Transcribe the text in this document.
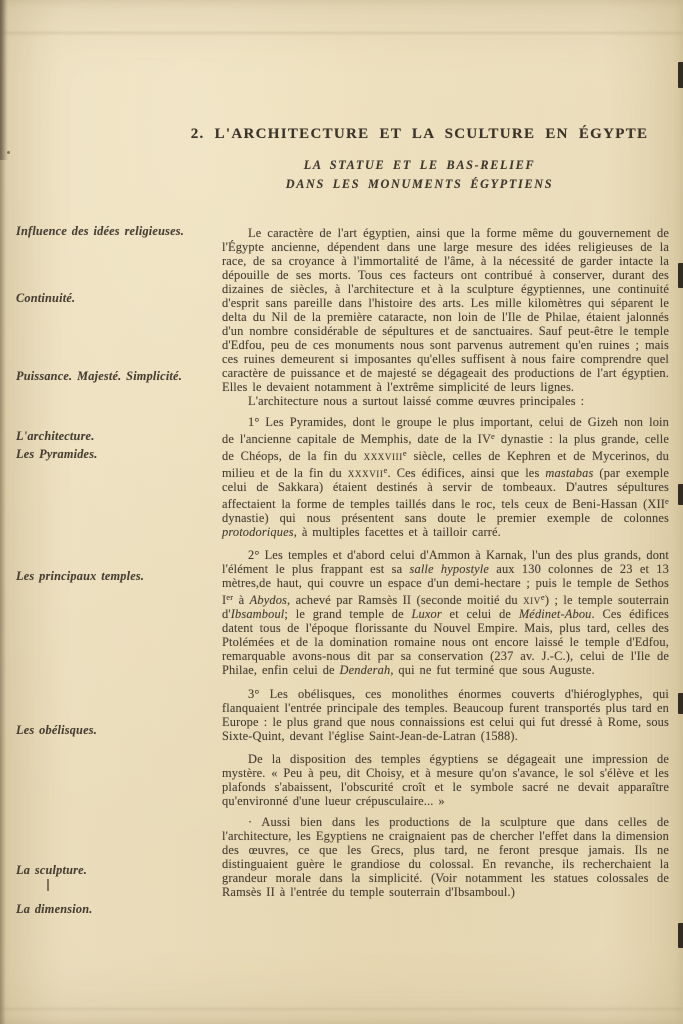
2. L'ARCHITECTURE ET LA SCULTURE EN ÉGYPTE
LA STATUE ET LE BAS-RELIEF
DANS LES MONUMENTS ÉGYPTIENS
Influence des idées religieuses.
Continuité.
Puissance. Majesté. Simplicité.
L'architecture.
Les Pyramides.
Les principaux temples.
Les obélisques.
La sculpture.
La dimension.

Le caractère de l'art égyptien, ainsi que la forme même du gouvernement de l'Égypte ancienne, dépendent dans une large mesure des idées religieuses de la race, de sa croyance à l'immortalité de l'âme, à la nécessité de garder intacte la dépouille de ses morts. Tous ces facteurs ont contribué à conserver, durant des dizaines de siècles, à l'architecture et à la sculpture égyptiennes, une continuité d'esprit sans pareille dans l'histoire des arts. Les mille kilomètres qui séparent le delta du Nil de la première cataracte, non loin de l'Ile de Philae, étaient jalonnés d'un nombre considérable de sépultures et de sanctuaires. Sauf peut-être le temple d'Edfou, peu de ces monuments nous sont parvenus autrement qu'en ruines ; mais ces ruines demeurent si imposantes qu'elles suffisent à nous faire comprendre quel caractère de puissance et de majesté se dégageait des productions de l'art égyptien. Elles le devaient notamment à l'extrême simplicité de leurs lignes.

L'architecture nous a surtout laissé comme œuvres principales :

1° Les Pyramides, dont le groupe le plus important, celui de Gizeh non loin de l'ancienne capitale de Memphis, date de la IVe dynastie : la plus grande, celle de Chéops, de la fin du xxxviii$^e$ siècle, celles de Kephren et de Mycerinos, du milieu et de la fin du xxxvii$^e$. Ces édifices, ainsi que les mastabas (par exemple celui de Sakkara) étaient destinés à servir de tombeaux. D'autres sépultures affectaient la forme de temples taillés dans le roc, tels ceux de Beni-Hassan (XIIe dynastie) qui nous présentent sans doute le premier exemple de colonnes protodoriques, à multiples facettes et à tailloir carré.

2° Les temples et d'abord celui d'Ammon à Karnak, l'un des plus grands, dont l'élément le plus frappant est sa salle hypostyle aux 130 colonnes de 23 et 13 mètres,de haut, qui couvre un espace d'un demi-hectare ; puis le temple de Sethos Ier à Abydos, achevé par Ramsès II (seconde moitié du xiv$^e$) ; le temple souterrain d'Ibsamboul; le grand temple de Luxor et celui de Médinet-Abou. Ces édifices datent tous de l'époque florissante du Nouvel Empire. Mais, plus tard, celles des Ptolémées et de la domination romaine nous ont encore laissé le temple d'Edfou, remarquable avons-nous dit par sa conservation (237 av. J.-C.), celui de l'Ile de Philae, enfin celui de Denderah, qui ne fut terminé que sous Auguste.

3° Les obélisques, ces monolithes énormes couverts d'hiéroglyphes, qui flanquaient l'entrée principale des temples. Beaucoup furent transportés plus tard en Europe : le plus grand que nous connaissions est celui qui fut dressé à Rome, sous Sixte-Quint, devant l'église Saint-Jean-de-Latran (1588).

De la disposition des temples égyptiens se dégageait une impression de mystère. « Peu à peu, dit Choisy, et à mesure qu'on s'avance, le sol s'élève et les plafonds s'abaissent, l'obscurité croît et le symbole sacré ne devait apparaître qu'environné d'une lueur crépusculaire... »

· Aussi bien dans les productions de la sculpture que dans celles de l'architecture, les Egyptiens ne craignaient pas de chercher l'effet dans la dimension des œuvres, ce que les Grecs, plus tard, ne feront presque jamais. Ils ne distinguaient guère le grandiose du colossal. En revanche, ils recherchaient la grandeur morale dans la simplicité. (Voir notamment les statues colossales de Ramsès II à l'entrée du temple souterrain d'Ibsamboul.)
